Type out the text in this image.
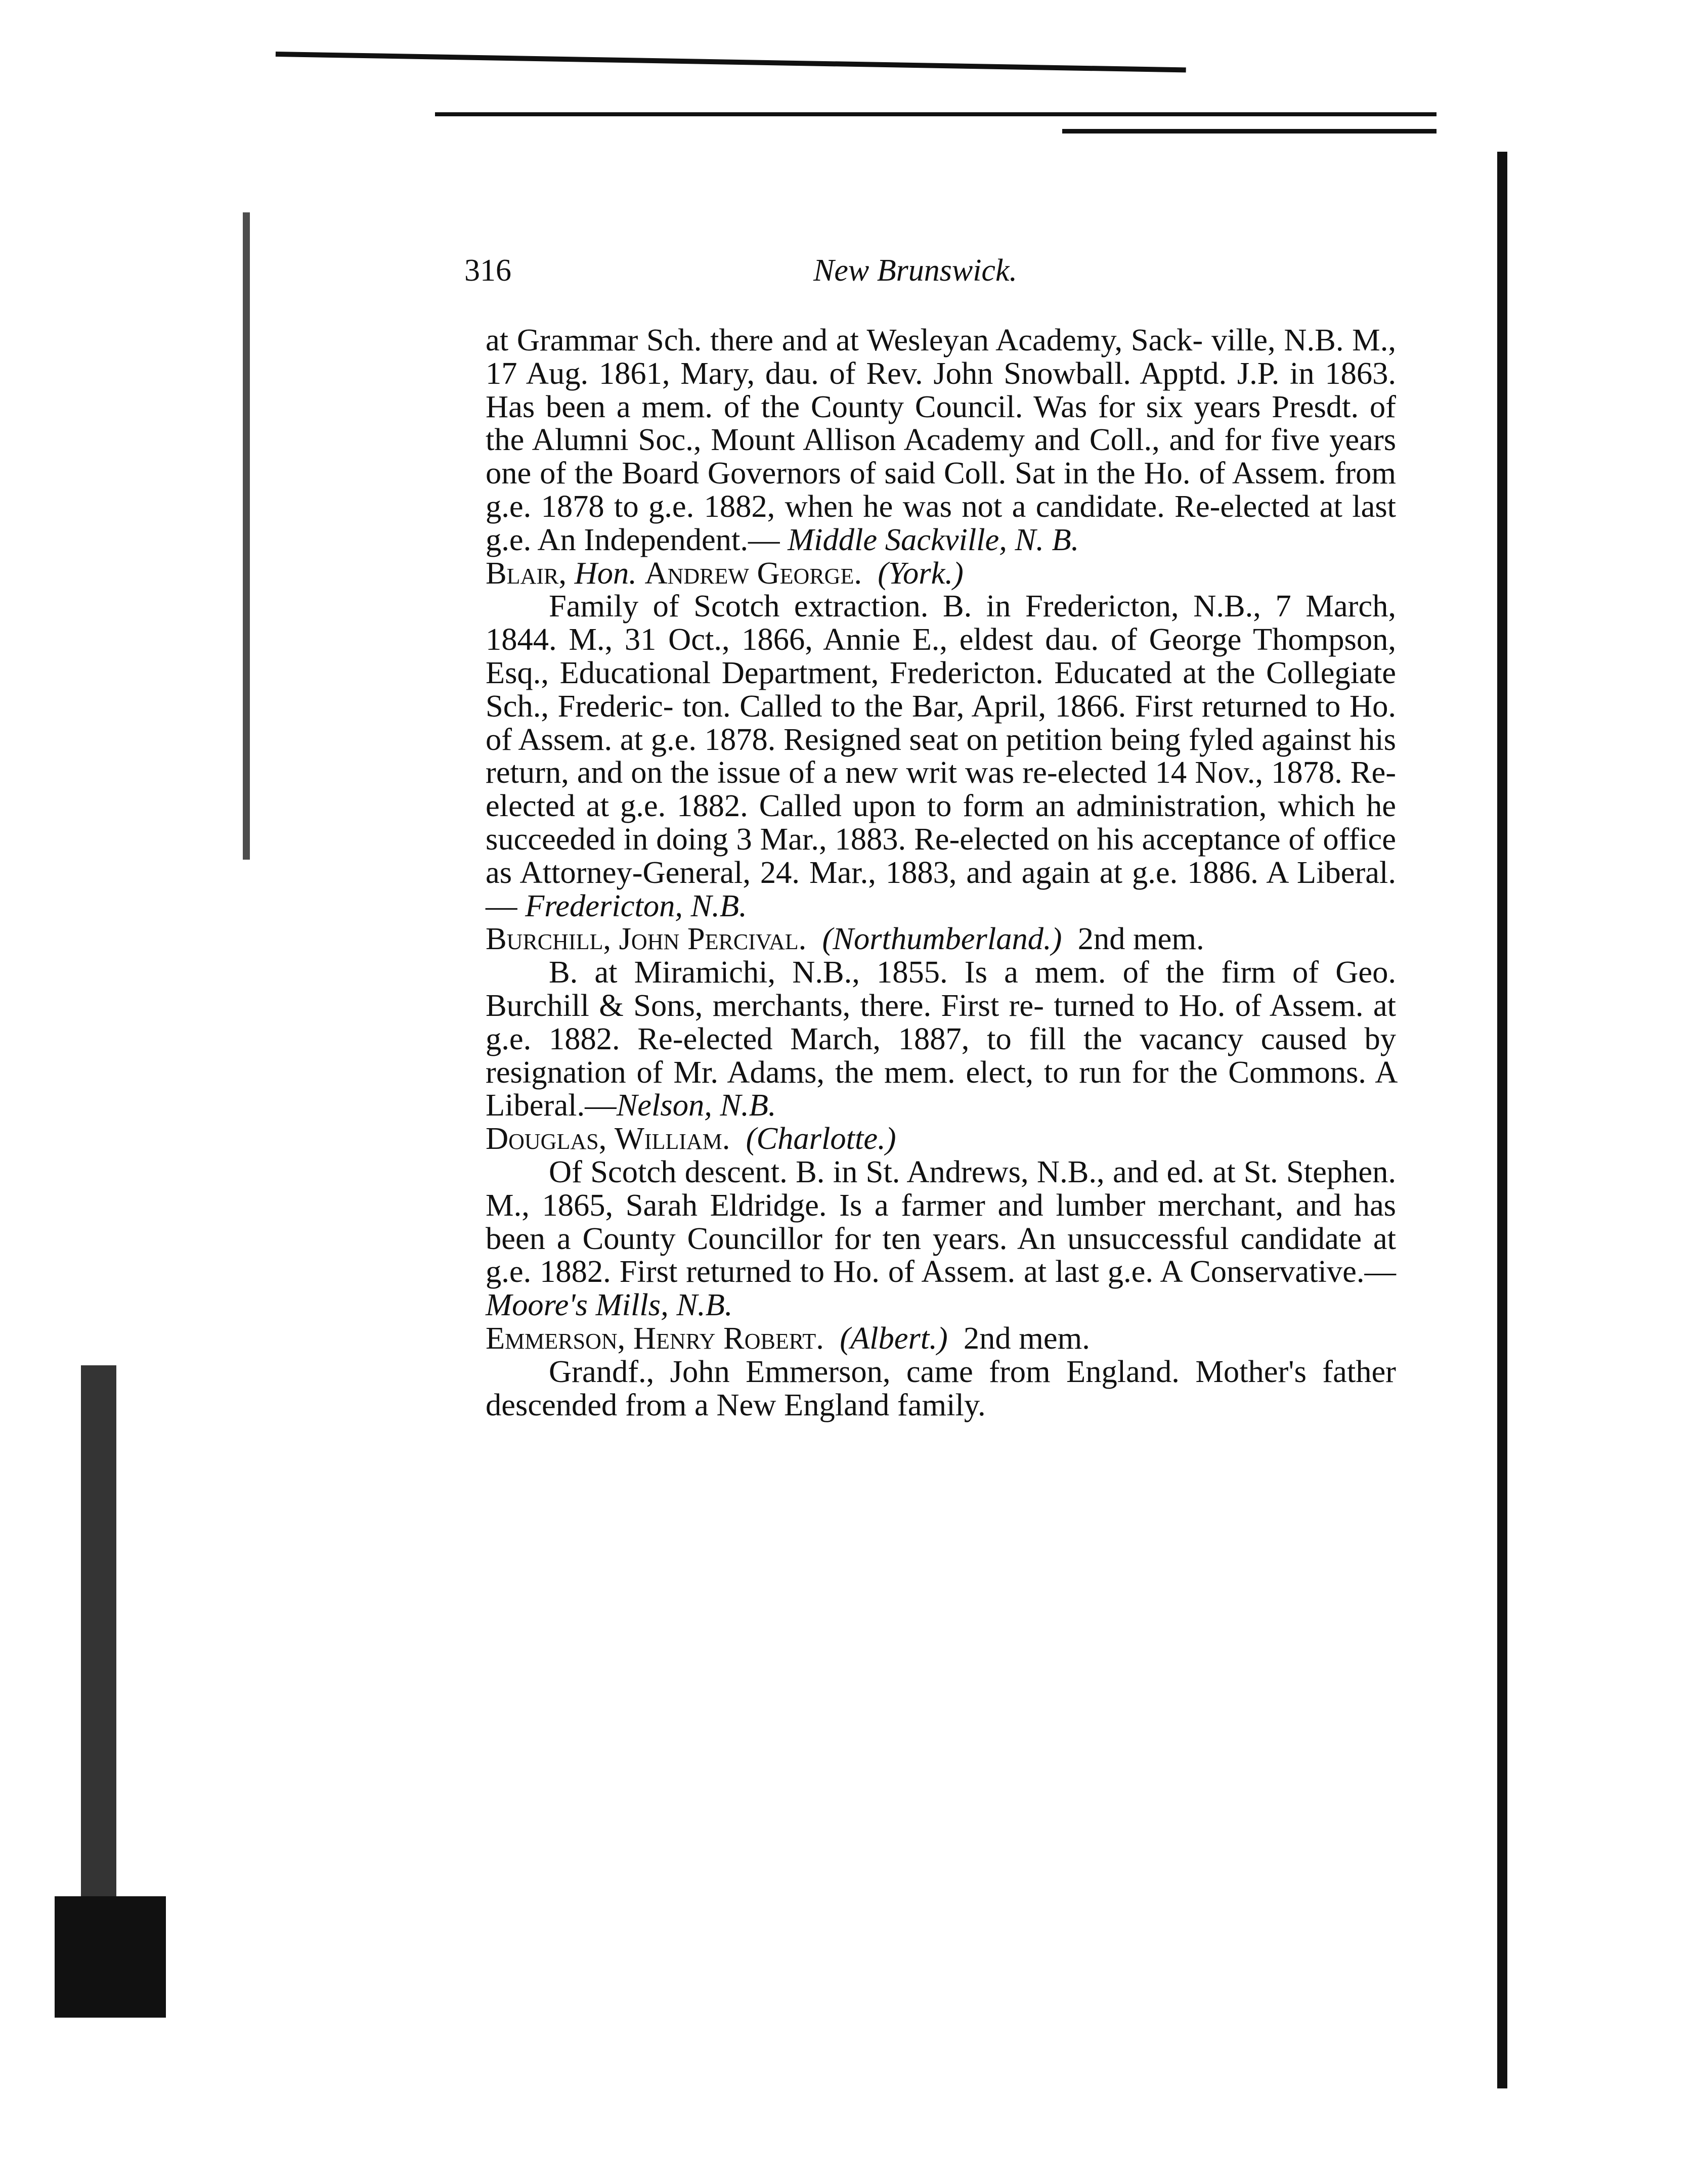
316	New Brunswick.

at Grammar Sch. there and at Wesleyan Academy, Sack- ville, N.B. M., 17 Aug. 1861, Mary, dau. of Rev. John Snowball. Apptd. J.P. in 1863. Has been a mem. of the County Council. Was for six years Presdt. of the Alumni Soc., Mount Allison Academy and Coll., and for five years one of the Board Governors of said Coll. Sat in the Ho. of Assem. from g.e. 1878 to g.e. 1882, when he was not a candidate. Re-elected at last g.e. An Independent.— Middle Sackville, N. B.

Blair, Hon. Andrew George. (York.)

Family of Scotch extraction. B. in Fredericton, N.B., 7 March, 1844. M., 31 Oct., 1866, Annie E., eldest dau. of George Thompson, Esq., Educational Department, Fredericton. Educated at the Collegiate Sch., Frederic- ton. Called to the Bar, April, 1866. First returned to Ho. of Assem. at g.e. 1878. Resigned seat on petition being fyled against his return, and on the issue of a new writ was re-elected 14 Nov., 1878. Re-elected at g.e. 1882. Called upon to form an administration, which he succeeded in doing 3 Mar., 1883. Re-elected on his acceptance of office as Attorney-General, 24. Mar., 1883, and again at g.e. 1886. A Liberal.— Fredericton, N.B.

Burchill, John Percival. (Northumberland.) 2nd mem.

B. at Miramichi, N.B., 1855. Is a mem. of the firm of Geo. Burchill & Sons, merchants, there. First re- turned to Ho. of Assem. at g.e. 1882. Re-elected March, 1887, to fill the vacancy caused by resignation of Mr. Adams, the mem. elect, to run for the Commons. A Liberal.—Nelson, N.B.

Douglas, William. (Charlotte.)

Of Scotch descent. B. in St. Andrews, N.B., and ed. at St. Stephen. M., 1865, Sarah Eldridge. Is a farmer and lumber merchant, and has been a County Councillor for ten years. An unsuccessful candidate at g.e. 1882. First returned to Ho. of Assem. at last g.e. A Conservative.—Moore's Mills, N.B.

Emmerson, Henry Robert. (Albert.) 2nd mem.

Grandf., John Emmerson, came from England. Mother's father descended from a New England family.
